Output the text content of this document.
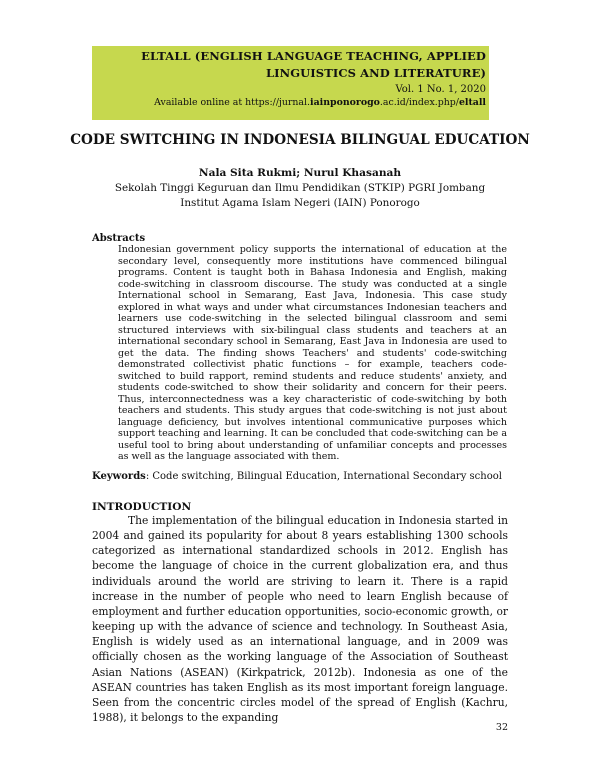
ELTALL (ENGLISH LANGUAGE TEACHING, APPLIED LINGUISTICS AND LITERATURE)
Vol. 1 No. 1, 2020
Available online at https://jurnal.iainponorogo.ac.id/index.php/eltall
CODE SWITCHING IN INDONESIA BILINGUAL EDUCATION
Nala Sita Rukmi; Nurul Khasanah
Sekolah Tinggi Keguruan dan Ilmu Pendidikan (STKIP) PGRI Jombang
Institut Agama Islam Negeri (IAIN) Ponorogo
Abstracts
Indonesian government policy supports the international of education at the secondary level, consequently more institutions have commenced bilingual programs. Content is taught both in Bahasa Indonesia and English, making code-switching in classroom discourse. The study was conducted at a single International school in Semarang, East Java, Indonesia. This case study explored in what ways and under what circumstances Indonesian teachers and learners use code-switching in the selected bilingual classroom and semi structured interviews with six-bilingual class students and teachers at an international secondary school in Semarang, East Java in Indonesia are used to get the data. The finding shows Teachers' and students' code-switching demonstrated collectivist phatic functions – for example, teachers code-switched to build rapport, remind students and reduce students' anxiety, and students code-switched to show their solidarity and concern for their peers. Thus, interconnectedness was a key characteristic of code-switching by both teachers and students. This study argues that code-switching is not just about language deficiency, but involves intentional communicative purposes which support teaching and learning. It can be concluded that code-switching can be a useful tool to bring about understanding of unfamiliar concepts and processes as well as the language associated with them.
Keywords: Code switching, Bilingual Education, International Secondary school
INTRODUCTION
The implementation of the bilingual education in Indonesia started in 2004 and gained its popularity for about 8 years establishing 1300 schools categorized as international standardized schools in 2012. English has become the language of choice in the current globalization era, and thus individuals around the world are striving to learn it. There is a rapid increase in the number of people who need to learn English because of employment and further education opportunities, socio-economic growth, or keeping up with the advance of science and technology. In Southeast Asia, English is widely used as an international language, and in 2009 was officially chosen as the working language of the Association of Southeast Asian Nations (ASEAN) (Kirkpatrick, 2012b). Indonesia as one of the ASEAN countries has taken English as its most important foreign language. Seen from the concentric circles model of the spread of English (Kachru, 1988), it belongs to the expanding
32
